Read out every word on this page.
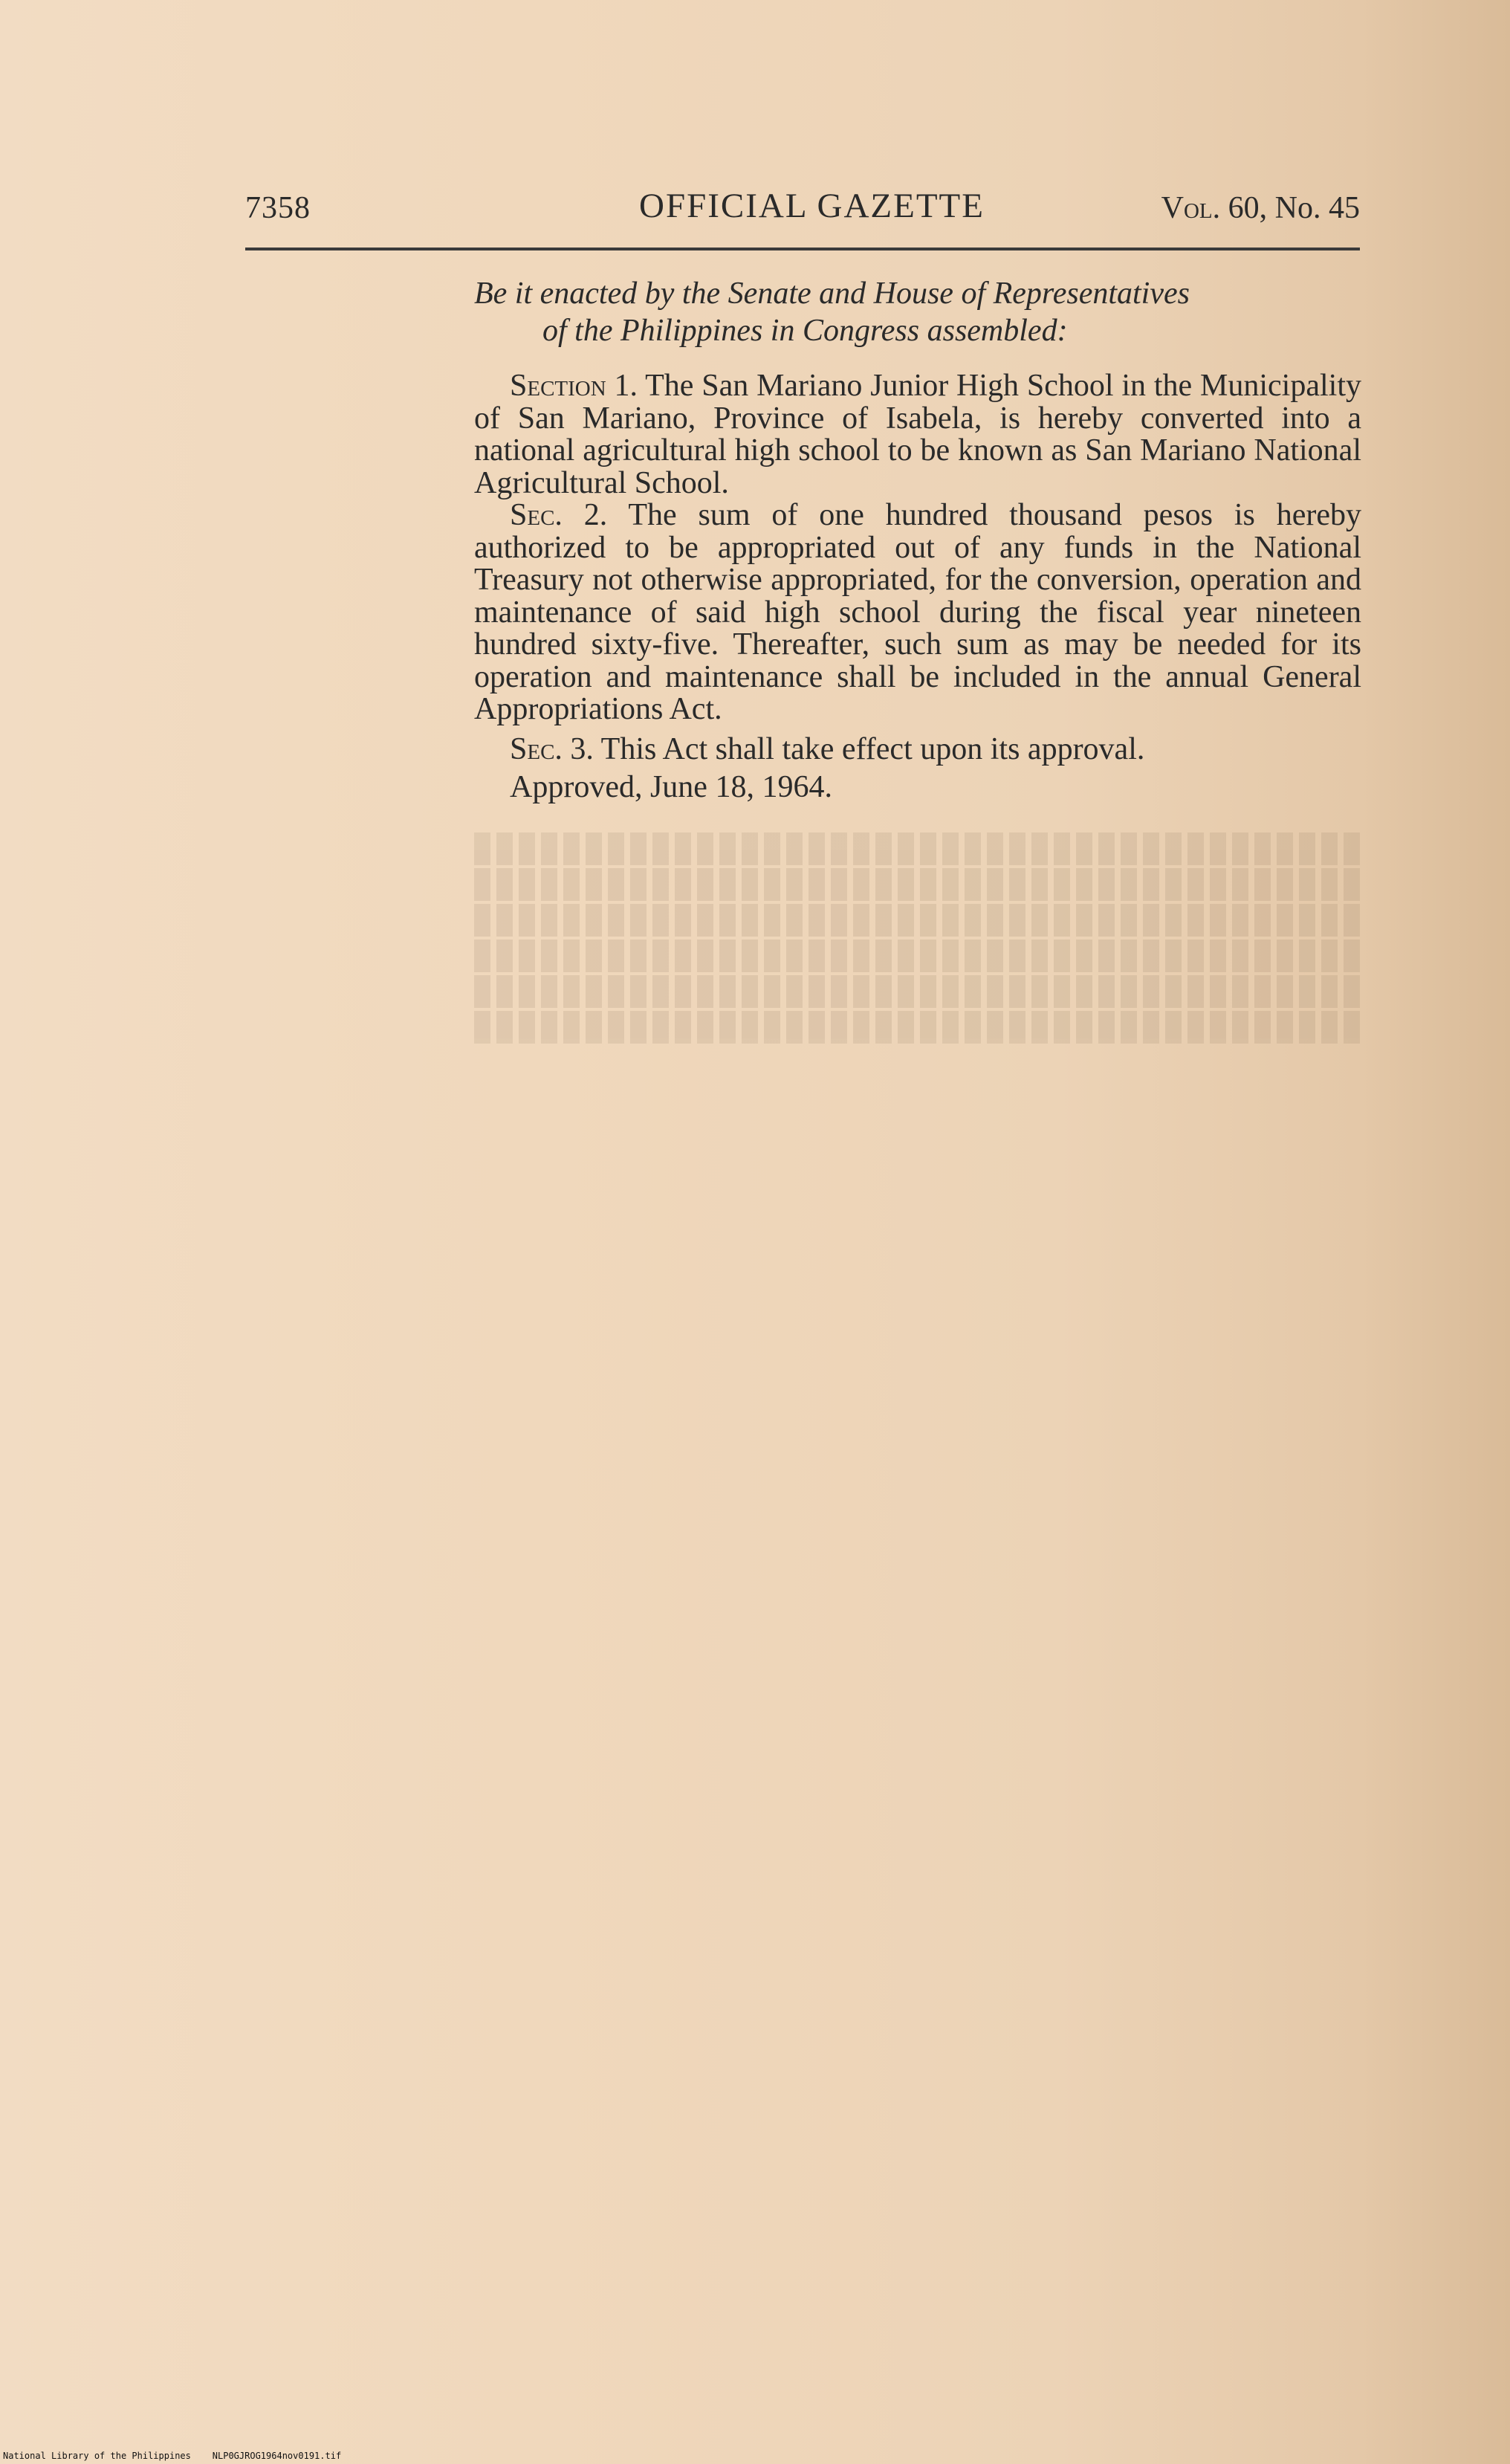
7358	OFFICIAL GAZETTE	Vol. 60, No. 45

Be it enacted by the Senate and House of Representatives
of the Philippines in Congress assembled:

Section 1. The San Mariano Junior High School in the Municipality of San Mariano, Province of Isabela, is hereby converted into a national agricultural high school to be known as San Mariano National Agricultural School.

Sec. 2. The sum of one hundred thousand pesos is hereby authorized to be appropriated out of any funds in the National Treasury not otherwise appropriated, for the conversion, operation and maintenance of said high school during the fiscal year nineteen hundred sixty-five. Thereafter, such sum as may be needed for its operation and maintenance shall be included in the annual General Appropriations Act.

Sec. 3. This Act shall take effect upon its approval.

Approved, June 18, 1964.

National Library of the Philippines NLP0GJROG1964nov0191.tif
